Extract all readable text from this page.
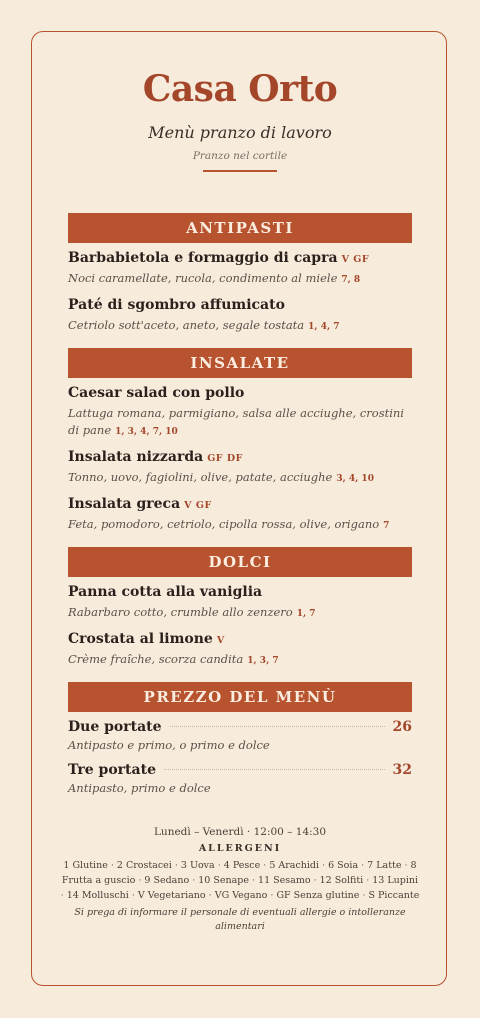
Casa Orto
Menù pranzo di lavoro
Pranzo nel cortile
ANTIPASTI
Barbabietola e formaggio di capra V GF
Noci caramellate, rucola, condimento al miele 7, 8
Paté di sgombro affumicato
Cetriolo sott'aceto, aneto, segale tostata 1, 4, 7
INSALATE
Caesar salad con pollo
Lattuga romana, parmigiano, salsa alle acciughe, crostini di pane 1, 3, 4, 7, 10
Insalata nizzarda GF DF
Tonno, uovo, fagiolini, olive, patate, acciughe 3, 4, 10
Insalata greca V GF
Feta, pomodoro, cetriolo, cipolla rossa, olive, origano 7
DOLCI
Panna cotta alla vaniglia
Rabarbaro cotto, crumble allo zenzero 1, 7
Crostata al limone V
Crème fraîche, scorza candita 1, 3, 7
PREZZO DEL MENÙ
Due portate	26
Antipasto e primo, o primo e dolce
Tre portate	32
Antipasto, primo e dolce
Lunedì – Venerdì · 12:00 – 14:30
ALLERGENI
1 Glutine · 2 Crostacei · 3 Uova · 4 Pesce · 5 Arachidi · 6 Soia · 7 Latte · 8 Frutta a guscio · 9 Sedano · 10 Senape · 11 Sesamo · 12 Solfiti · 13 Lupini· 14 Molluschi · V Vegetariano · VG Vegano · GF Senza glutine · S Piccante
Si prega di informare il personale di eventuali allergie o intolleranze alimentari
